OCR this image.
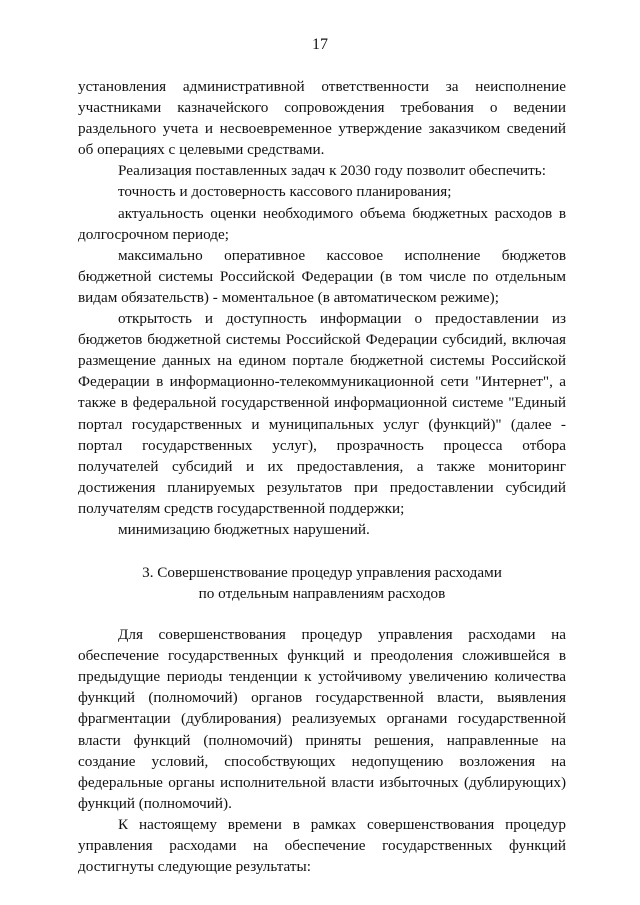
17

установления административной ответственности за неисполнение участниками казначейского сопровождения требования о ведении раздельного учета и несвоевременное утверждение заказчиком сведений об операциях с целевыми средствами.

Реализация поставленных задач к 2030 году позволит обеспечить:

точность и достоверность кассового планирования;

актуальность оценки необходимого объема бюджетных расходов в долгосрочном периоде;

максимально оперативное кассовое исполнение бюджетов бюджетной системы Российской Федерации (в том числе по отдельным видам обязательств) - моментальное (в автоматическом режиме);

открытость и доступность информации о предоставлении из бюджетов бюджетной системы Российской Федерации субсидий, включая размещение данных на едином портале бюджетной системы Российской Федерации в информационно-телекоммуникационной сети "Интернет", а также в федеральной государственной информационной системе "Единый портал государственных и муниципальных услуг (функций)" (далее - портал государственных услуг), прозрачность процесса отбора получателей субсидий и их предоставления, а также мониторинг достижения планируемых результатов при предоставлении субсидий получателям средств государственной поддержки;

минимизацию бюджетных нарушений.

3. Совершенствование процедур управления расходами
по отдельным направлениям расходов

Для совершенствования процедур управления расходами на обеспечение государственных функций и преодоления сложившейся в предыдущие периоды тенденции к устойчивому увеличению количества функций (полномочий) органов государственной власти, выявления фрагментации (дублирования) реализуемых органами государственной власти функций (полномочий) приняты решения, направленные на создание условий, способствующих недопущению возложения на федеральные органы исполнительной власти избыточных (дублирующих) функций (полномочий).

К настоящему времени в рамках совершенствования процедур управления расходами на обеспечение государственных функций достигнуты следующие результаты:
